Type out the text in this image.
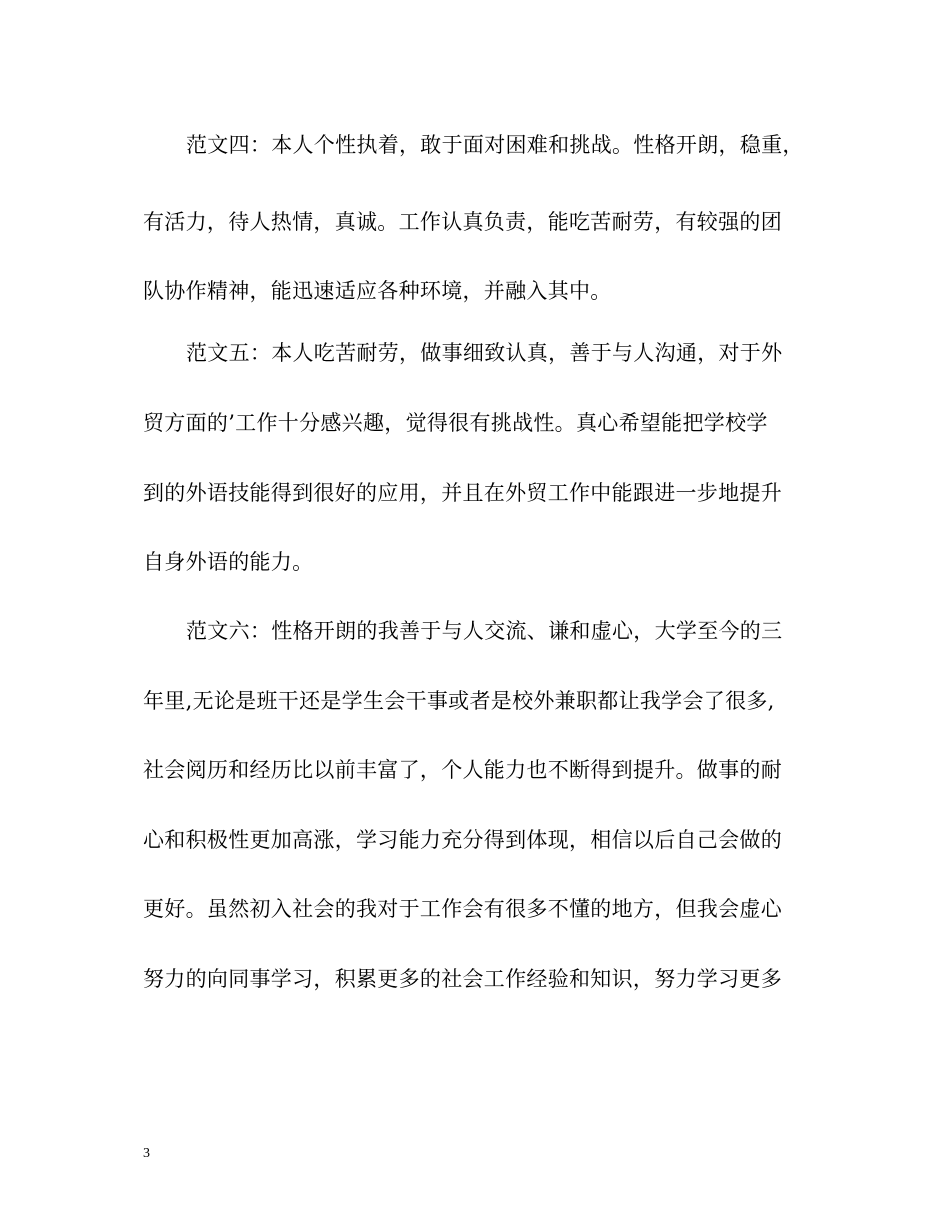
范文四：本人个性执着，敢于面对困难和挑战。性格开朗，稳重，
有活力，待人热情，真诚。工作认真负责，能吃苦耐劳，有较强的团
队协作精神，能迅速适应各种环境，并融入其中。
范文五：本人吃苦耐劳，做事细致认真，善于与人沟通，对于外
贸方面的’工作十分感兴趣，觉得很有挑战性。真心希望能把学校学
到的外语技能得到很好的应用，并且在外贸工作中能跟进一步地提升
自身外语的能力。
范文六：性格开朗的我善于与人交流、谦和虚心，大学至今的三
年里,无论是班干还是学生会干事或者是校外兼职都让我学会了很多,
社会阅历和经历比以前丰富了，个人能力也不断得到提升。做事的耐
心和积极性更加高涨，学习能力充分得到体现，相信以后自己会做的
更好。虽然初入社会的我对于工作会有很多不懂的地方，但我会虚心
努力的向同事学习，积累更多的社会工作经验和知识，努力学习更多
3
